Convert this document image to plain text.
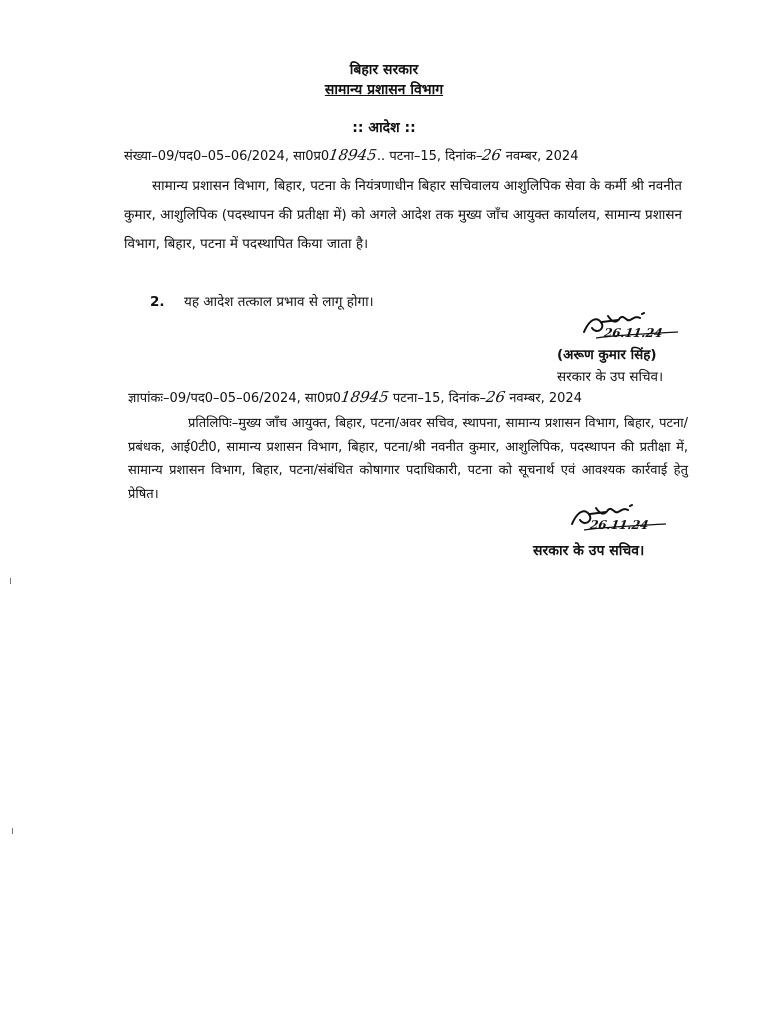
बिहार सरकार
सामान्य प्रशासन विभाग
:: आदेश ::
संख्या–09/पद0–05–06/2024, सा0प्र018945.. पटना–15, दिनांक–26 नवम्बर, 2024
सामान्य प्रशासन विभाग, बिहार, पटना के नियंत्रणाधीन बिहार सचिवालय आशुलिपिक सेवा के कर्मी श्री नवनीत कुमार, आशुलिपिक (पदस्थापन की प्रतीक्षा में) को अगले आदेश तक मुख्य जाँच आयुक्त कार्यालय, सामान्य प्रशासन विभाग, बिहार, पटना में पदस्थापित किया जाता है।
2. यह आदेश तत्काल प्रभाव से लागू होगा।
26.11.24
(अरूण कुमार सिंह)
सरकार के उप सचिव।
ज्ञापांकः–09/पद0–05–06/2024, सा0प्र018945 पटना–15, दिनांक–26 नवम्बर, 2024
प्रतिलिपिः–मुख्य जाँच आयुक्त, बिहार, पटना/अवर सचिव, स्थापना, सामान्य प्रशासन विभाग, बिहार, पटना/प्रबंधक, आई0टी0, सामान्य प्रशासन विभाग, बिहार, पटना/श्री नवनीत कुमार, आशुलिपिक, पदस्थापन की प्रतीक्षा में, सामान्य प्रशासन विभाग, बिहार, पटना/संबंधित कोषागार पदाधिकारी, पटना को सूचनार्थ एवं आवश्यक कार्रवाई हेतु प्रेषित।
26.11.24
सरकार के उप सचिव।
